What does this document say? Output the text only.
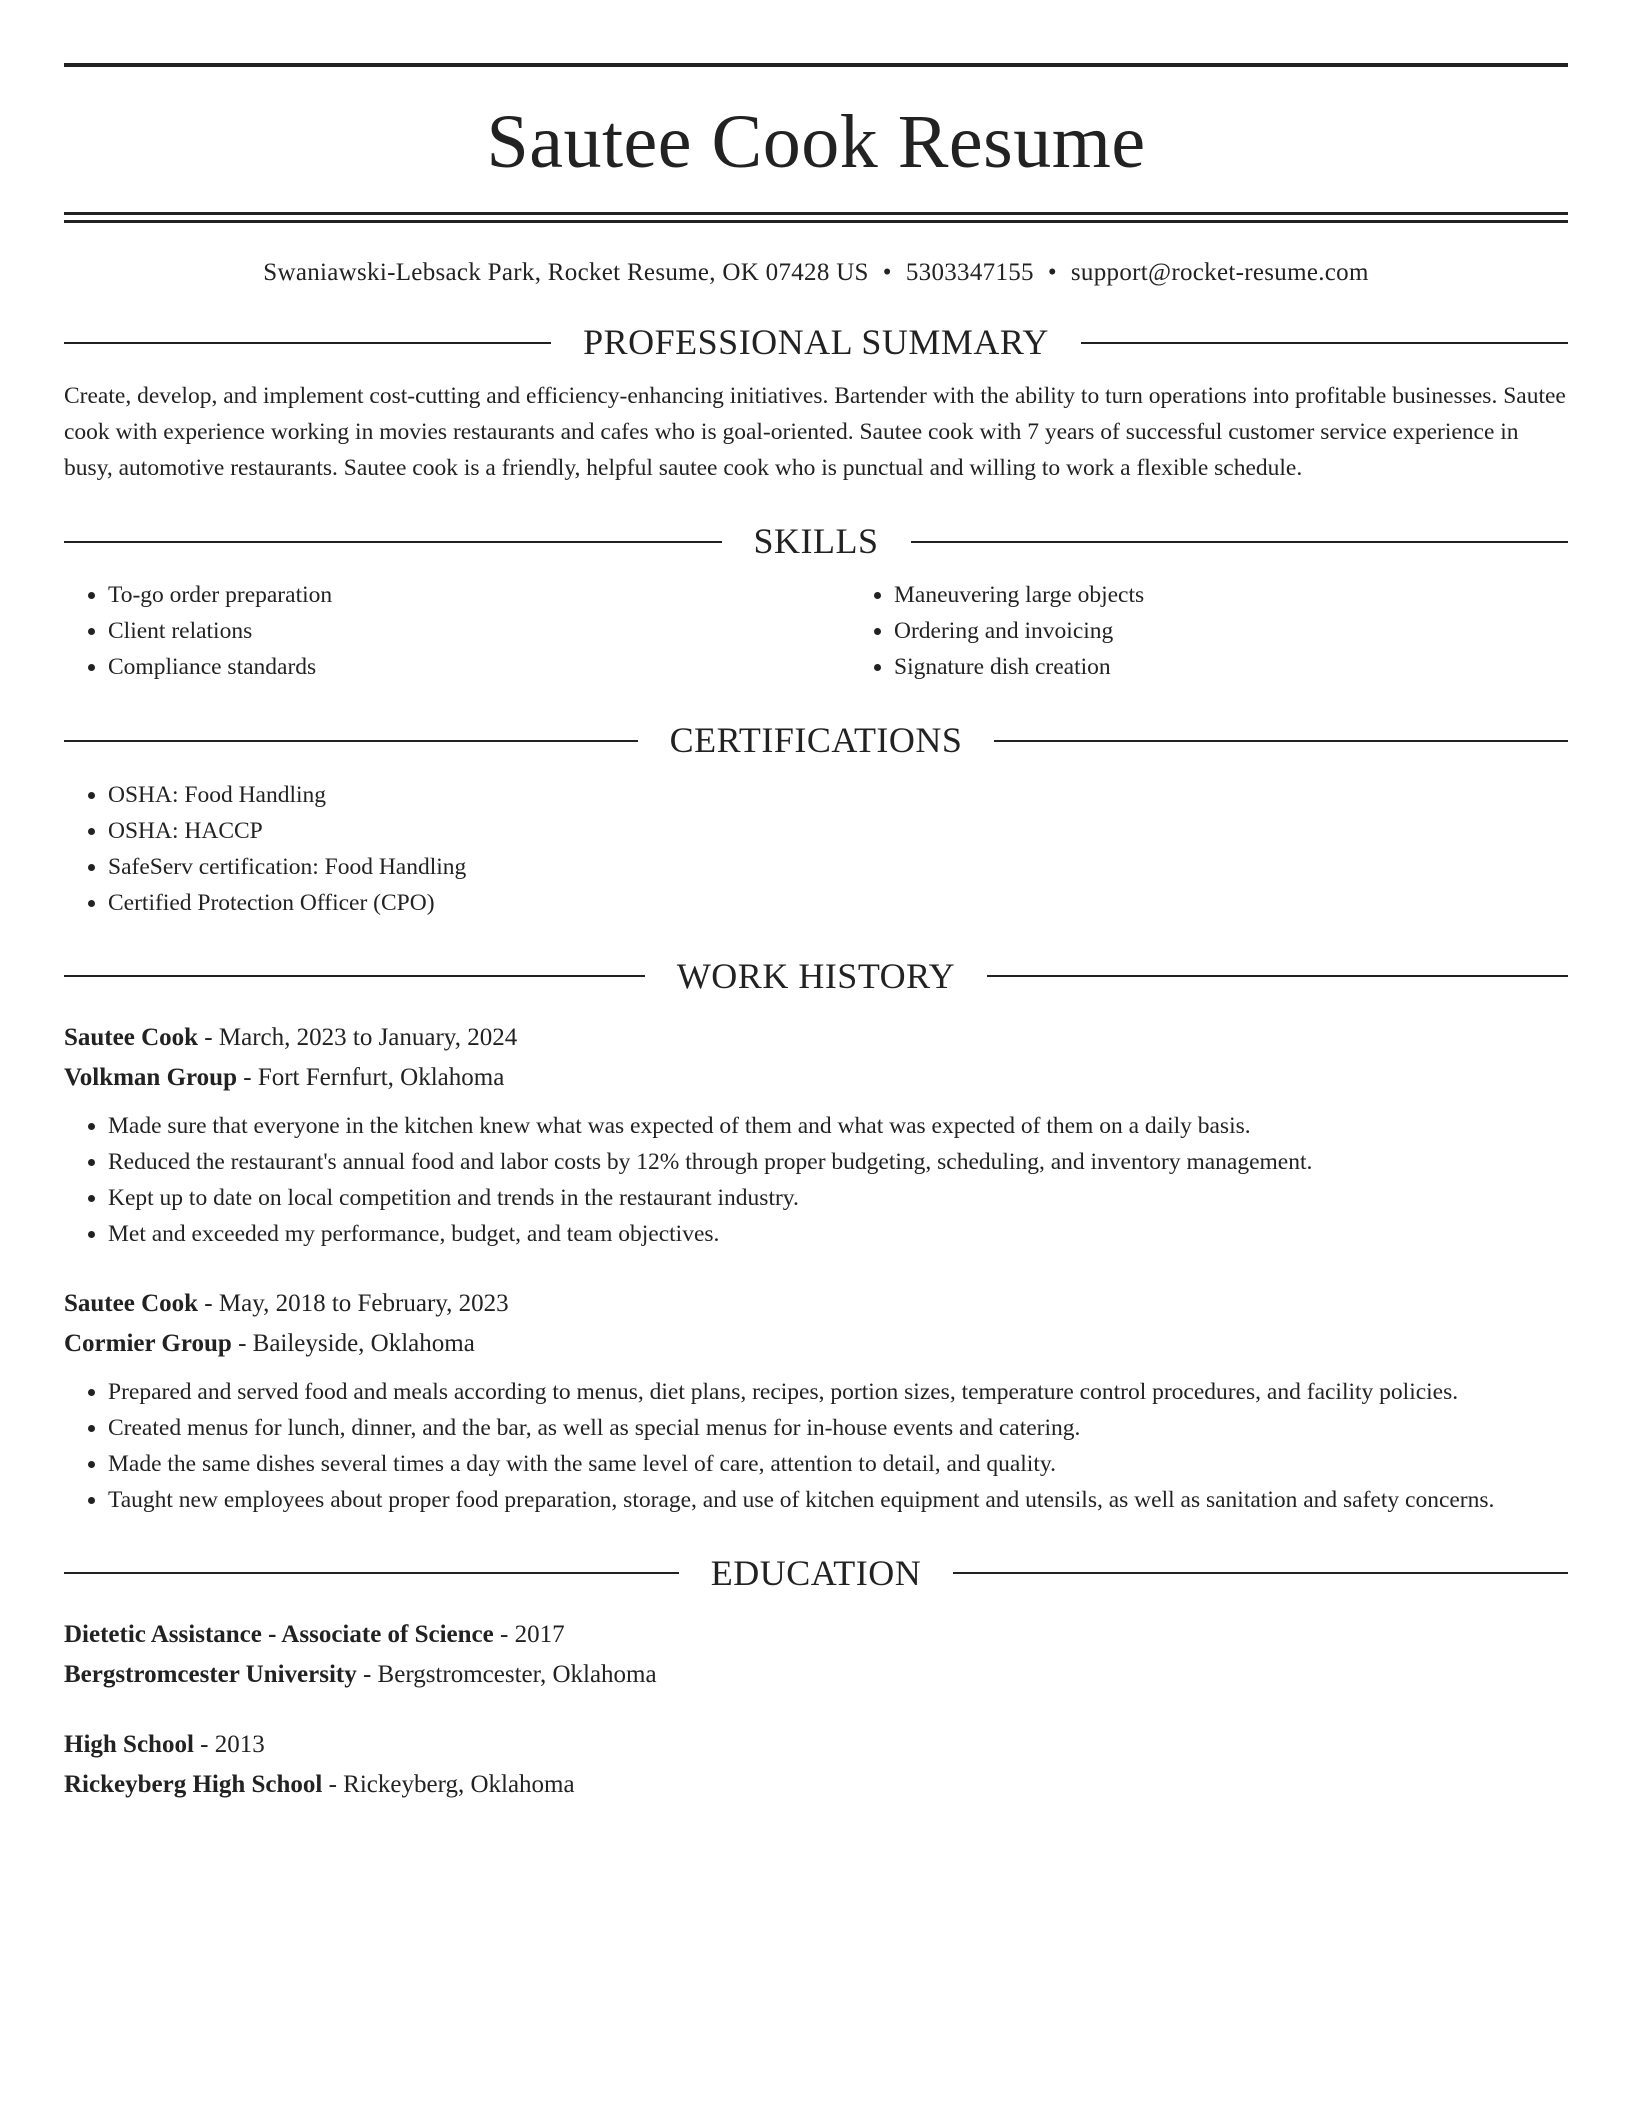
Sautee Cook Resume
Swaniawski-Lebsack Park, Rocket Resume, OK 07428 US • 5303347155 • support@rocket-resume.com
PROFESSIONAL SUMMARY

Create, develop, and implement cost-cutting and efficiency-enhancing initiatives. Bartender with the ability to turn operations into profitable businesses. Sautee cook with experience working in movies restaurants and cafes who is goal-oriented. Sautee cook with 7 years of successful customer service experience in busy, automotive restaurants. Sautee cook is a friendly, helpful sautee cook who is punctual and willing to work a flexible schedule.

SKILLS
• To-go order preparation
• Client relations
• Compliance standards
• Maneuvering large objects
• Ordering and invoicing
• Signature dish creation
CERTIFICATIONS
• OSHA: Food Handling
• OSHA: HACCP
• SafeServ certification: Food Handling
• Certified Protection Officer (CPO)
WORK HISTORY
Sautee Cook - March, 2023 to January, 2024
Volkman Group - Fort Fernfurt, Oklahoma
• Made sure that everyone in the kitchen knew what was expected of them and what was expected of them on a daily basis.
• Reduced the restaurant's annual food and labor costs by 12% through proper budgeting, scheduling, and inventory management.
• Kept up to date on local competition and trends in the restaurant industry.
• Met and exceeded my performance, budget, and team objectives.
Sautee Cook - May, 2018 to February, 2023
Cormier Group - Baileyside, Oklahoma
• Prepared and served food and meals according to menus, diet plans, recipes, portion sizes, temperature control procedures, and facility policies.
• Created menus for lunch, dinner, and the bar, as well as special menus for in-house events and catering.
• Made the same dishes several times a day with the same level of care, attention to detail, and quality.
• Taught new employees about proper food preparation, storage, and use of kitchen equipment and utensils, as well as sanitation and safety concerns.
EDUCATION
Dietetic Assistance - Associate of Science - 2017
Bergstromcester University - Bergstromcester, Oklahoma
High School - 2013
Rickeyberg High School - Rickeyberg, Oklahoma
